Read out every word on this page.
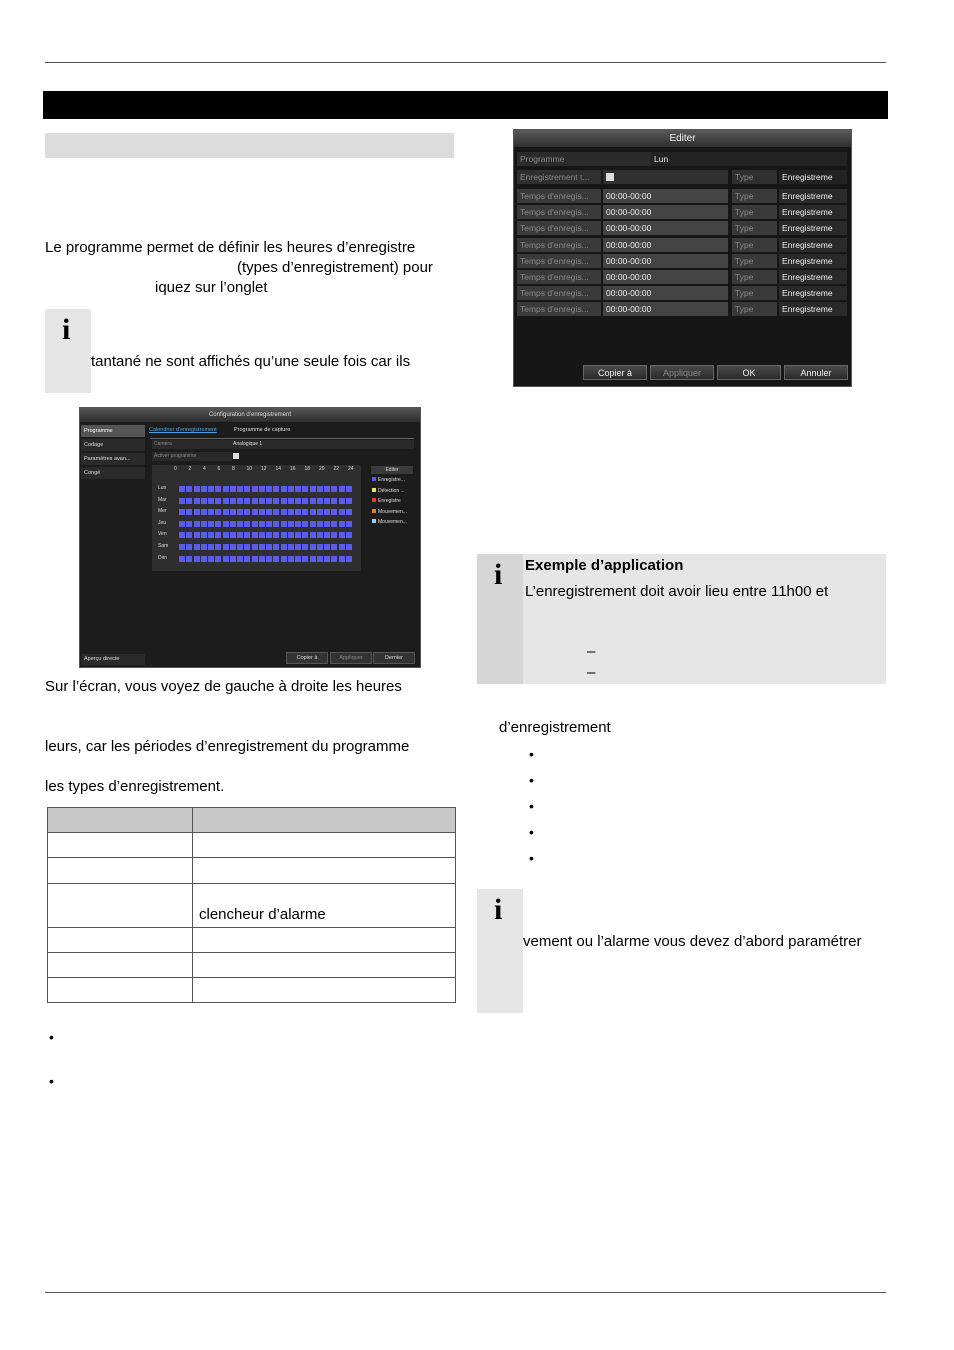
Le programme permet de définir les heures d’enregistre
(types d’enregistrement) pour
iquez sur l’onglet
i
tantané ne sont affichés qu’une seule fois car ils
Configuration d’enregistrement
Programme
Codage
Paramètres avan...
Congé
Calendrier d'enregistrement	Programme de capture
Caméra	Analogique 1
Activer programme
0 2 4 6 8 10 12 14 16 18 20 22 24
Lun
Mar
Mer
Jeu
Ven
Sam
Dim
Editer
Enregistre...
Détection ...
Enregistre
Mouvemen...
Mouvemen...
Aperçu directe	Copier à	Appliquer	Dernier
Sur l’écran, vous voyez de gauche à droite les heures
leurs, car les périodes d’enregistrement du programme
les types d’enregistrement.

	clencheur d’alarme

•
•
Editer
Programme	Lun
Enregistrement t...	Type	Enregistreme
Temps d'enregis...	00:00-00:00	Type	Enregistreme
Temps d'enregis...	00:00-00:00	Type	Enregistreme
Temps d'enregis...	00:00-00:00	Type	Enregistreme
Temps d'enregis...	00:00-00:00	Type	Enregistreme
Temps d'enregis...	00:00-00:00	Type	Enregistreme
Temps d'enregis...	00:00-00:00	Type	Enregistreme
Temps d'enregis...	00:00-00:00	Type	Enregistreme
Temps d'enregis...	00:00-00:00	Type	Enregistreme
Copier à	Appliquer	OK	Annuler
i Exemple d’application
L’enregistrement doit avoir lieu entre 11h00 et
–
–
d’enregistrement
•
•
•
•
•
i
vement ou l’alarme vous devez d’abord paramétrer
